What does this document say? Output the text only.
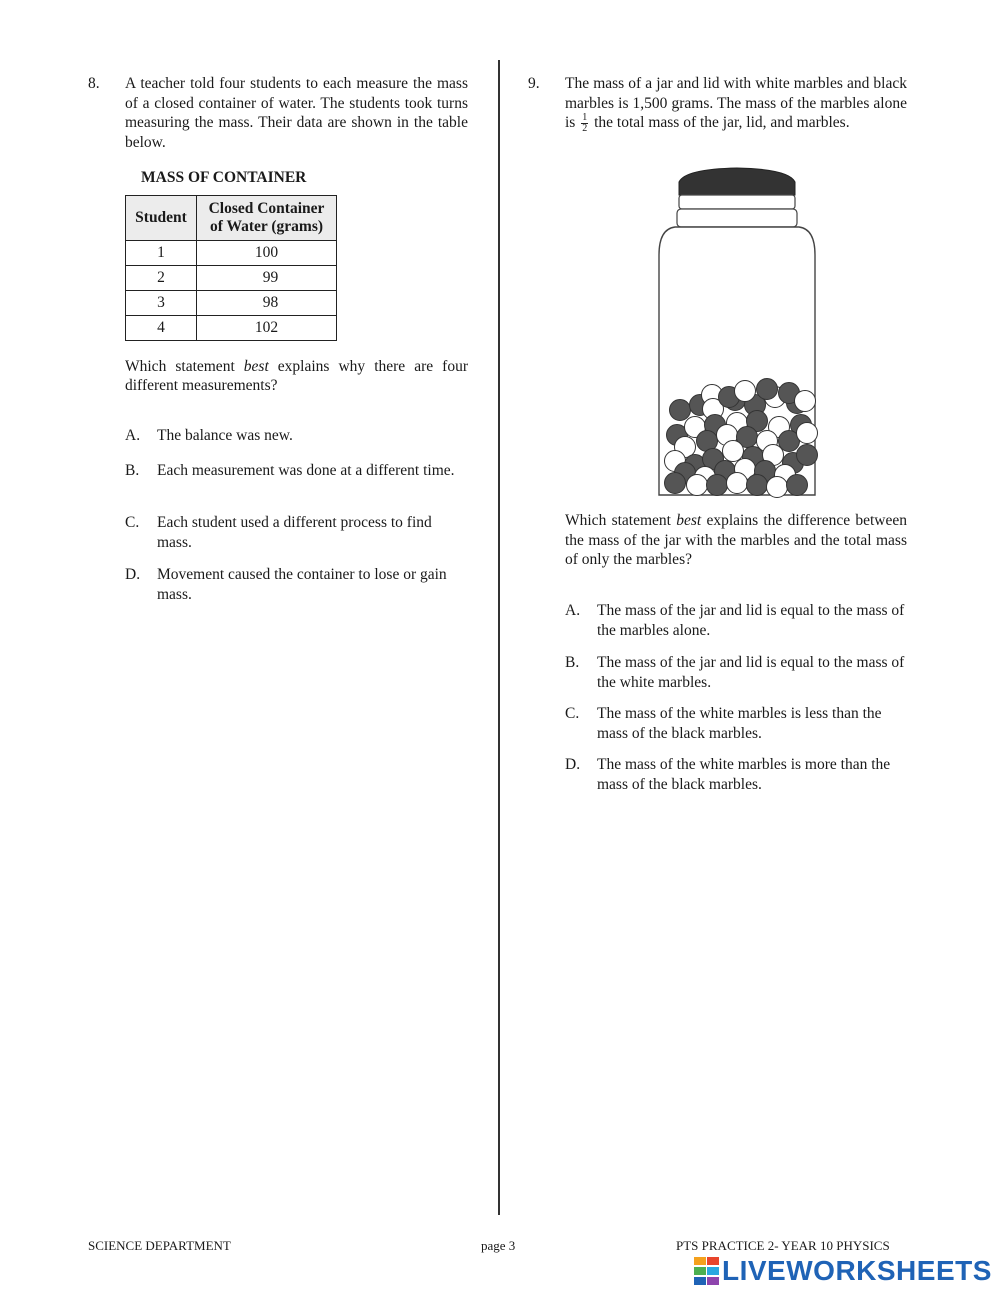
8. A teacher told four students to each measure the mass of a closed container of water. The students took turns measuring the mass. Their data are shown in the table below.
MASS OF CONTAINER
Student	Closed Container
of Water (grams)
1	100
2	99
3	98
4	102
Which statement best explains why there are four different measurements?
A. The balance was new.
B. Each measurement was done at a different time.
C. Each student used a different process to find mass.
D. Movement caused the container to lose or gain mass.
9. The mass of a jar and lid with white marbles and black marbles is 1,500 grams. The mass of the marbles alone is $\frac{1}{2}$ the total mass of the jar, lid, and marbles.
Which statement best explains the difference between the mass of the jar with the marbles and the total mass of only the marbles?
A. The mass of the jar and lid is equal to the mass of the marbles alone.
B. The mass of the jar and lid is equal to the mass of the white marbles.
C. The mass of the white marbles is less than the mass of the black marbles.
D. The mass of the white marbles is more than the mass of the black marbles.
SCIENCE DEPARTMENT	page 3	PTS PRACTICE 2- YEAR 10 PHYSICS
LIVEWORKSHEETS
